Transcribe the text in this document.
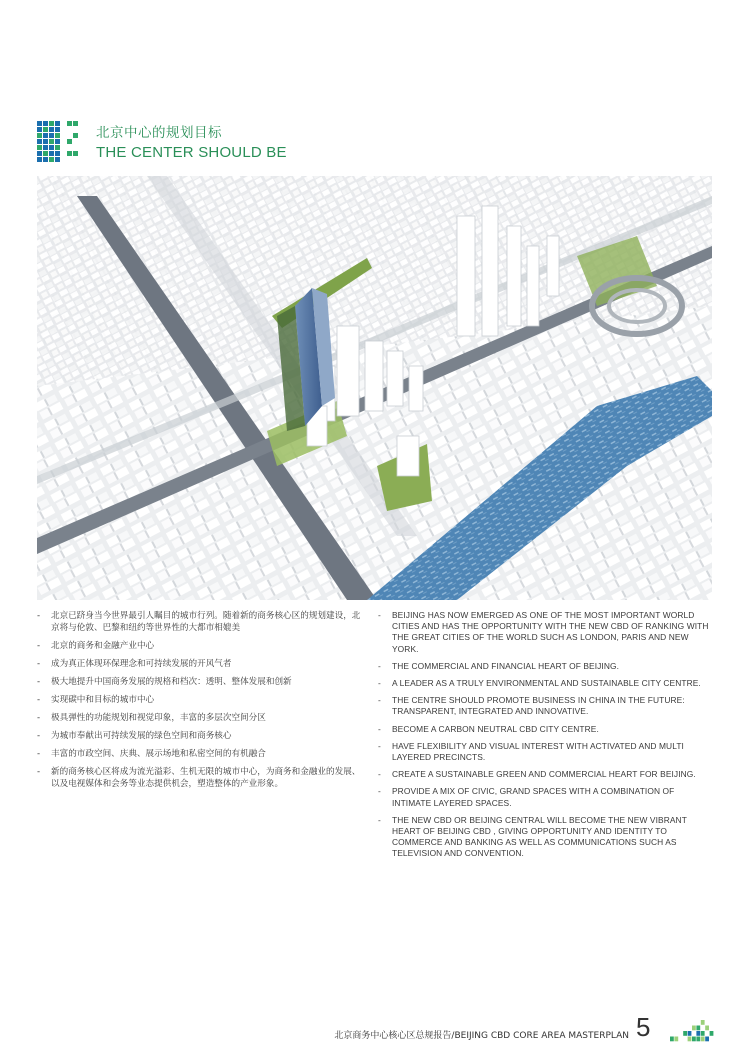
北京中心的规划目标
THE CENTER SHOULD BE
- 北京已跻身当今世界最引人瞩目的城市行列。随着新的商务核心区的规划建设，北京将与伦敦、巴黎和纽约等世界性的大都市相媲美
- 北京的商务和金融产业中心
- 成为真正体现环保理念和可持续发展的开风气者
- 极大地提升中国商务发展的规格和档次：透明、整体发展和创新
- 实现碳中和目标的城市中心
- 极具弹性的功能规划和视觉印象，丰富的多层次空间分区
- 为城市奉献出可持续发展的绿色空间和商务核心
- 丰富的市政空间、庆典、展示场地和私密空间的有机融合
- 新的商务核心区将成为流光溢彩、生机无限的城市中心，为商务和金融业的发展、以及电视媒体和会务等业态提供机会，塑造整体的产业形象。
- BEIJING HAS NOW EMERGED AS ONE OF THE MOST IMPORTANT WORLD CITIES AND HAS THE OPPORTUNITY WITH THE NEW CBD OF RANKING WITH THE GREAT CITIES OF THE WORLD SUCH AS LONDON, PARIS AND NEW YORK.
- THE COMMERCIAL AND FINANCIAL HEART OF BEIJING.
- A LEADER AS A TRULY ENVIRONMENTAL AND SUSTAINABLE CITY CENTRE.
- THE CENTRE SHOULD PROMOTE BUSINESS IN CHINA IN THE FUTURE: TRANSPARENT, INTEGRATED AND INNOVATIVE.
- BECOME A CARBON NEUTRAL CBD CITY CENTRE.
- HAVE FLEXIBILITY AND VISUAL INTEREST WITH ACTIVATED AND MULTI LAYERED PRECINCTS.
- CREATE A SUSTAINABLE GREEN AND COMMERCIAL HEART FOR BEIJING.
- PROVIDE A MIX OF CIVIC, GRAND SPACES WITH A COMBINATION OF INTIMATE LAYERED SPACES.
- THE NEW CBD OR BEIJING CENTRAL WILL BECOME THE NEW VIBRANT HEART OF BEIJING CBD , GIVING OPPORTUNITY AND IDENTITY TO COMMERCE AND BANKING AS WELL AS COMMUNICATIONS SUCH AS TELEVISION AND CONVENTION.
北京商务中心核心区总规报告/BEIJING CBD CORE AREA MASTERPLAN 5
